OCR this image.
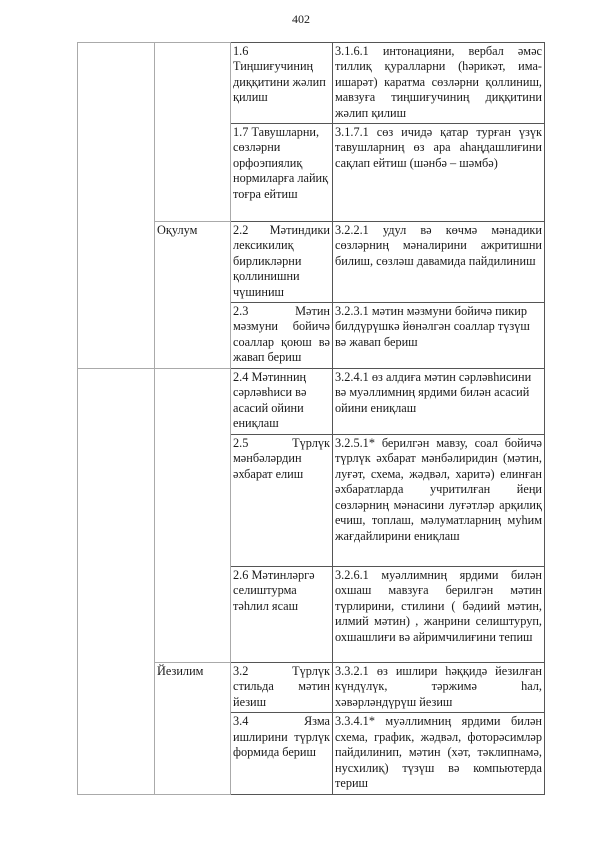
402
		1.6 Тиңшиғучиниң диққитини жәлип қилиш	3.1.6.1 интонацияни, вербал әмәс тиллиқ қуралларни (һәрикәт, има-ишарәт) каратма сөзләрни қоллиниш, мавзуға тиңшиғучиниң диққитини жәлип қилиш
		1.7 Тавушларни, сөзләрни орфоэпиялиқ нормиларға лайиқ тоғра ейтиш	3.1.7.1 сөз ичидә қатар турған үзүк тавушларниң өз ара аһаңдашлиғини сақлап ейтиш (шәнбә – шәмбә)
	Оқулум	2.2 Мәтиндики лексикилиқ бирликләрни қоллинишни чүшиниш	3.2.2.1 удул вә көчмә мәнадики сөзләрниң мәналирини ажритишни билиш, сөзләш давамида пайдилиниш
		2.3 Мәтин мәзмуни бойичә соаллар қоюш вә жавап бериш	3.2.3.1 мәтин мәзмуни бойичә пикир билдүрүшкә йөнәлгән соаллар түзүш вә жавап бериш
		2.4 Мәтинниң сәрләвһиси вә асасий ойини ениқлаш	3.2.4.1 өз алдиға мәтин сәрләвһисини вә муәллимниң ярдими билән асасий ойини ениқлаш
		2.5 Түрлүк мәнбәләрдин әхбарат елиш	3.2.5.1* берилгән мавзу, соал бойичә түрлүк әхбарат мәнбәлиридин (мәтин, луғәт, схема, жәдвәл, харитә) елинған әхбаратларда учритилған йеңи сөзләрниң мәнасини луғәтләр арқилиқ ечиш, топлаш, мәлуматларниң муһим жағдайлирини ениқлаш
		2.6 Мәтинләргә селиштурма тәһлил ясаш	3.2.6.1 муәллимниң ярдими билән охшаш мавзуға берилгән мәтин түрлирини, стилини ( бәдиий мәтин, илмий мәтин) , жанрини селиштуруп, охшашлиғи вә айримчилиғини тепиш
	Йезилим	3.2 Түрлүк стильда мәтин йезиш	3.3.2.1 өз ишлири һәққидә йезилған күндүлүк, тәржимә һал, хәвәрләндүрүш йезиш
		3.4 Язма ишлирини түрлүк формида бериш	3.3.4.1* муәллимниң ярдими билән схема, график, жәдвәл, фоторәсимләр пайдилинип, мәтин (хәт, тәклипнамә, нусхилиқ) түзүш вә компьютерда териш
